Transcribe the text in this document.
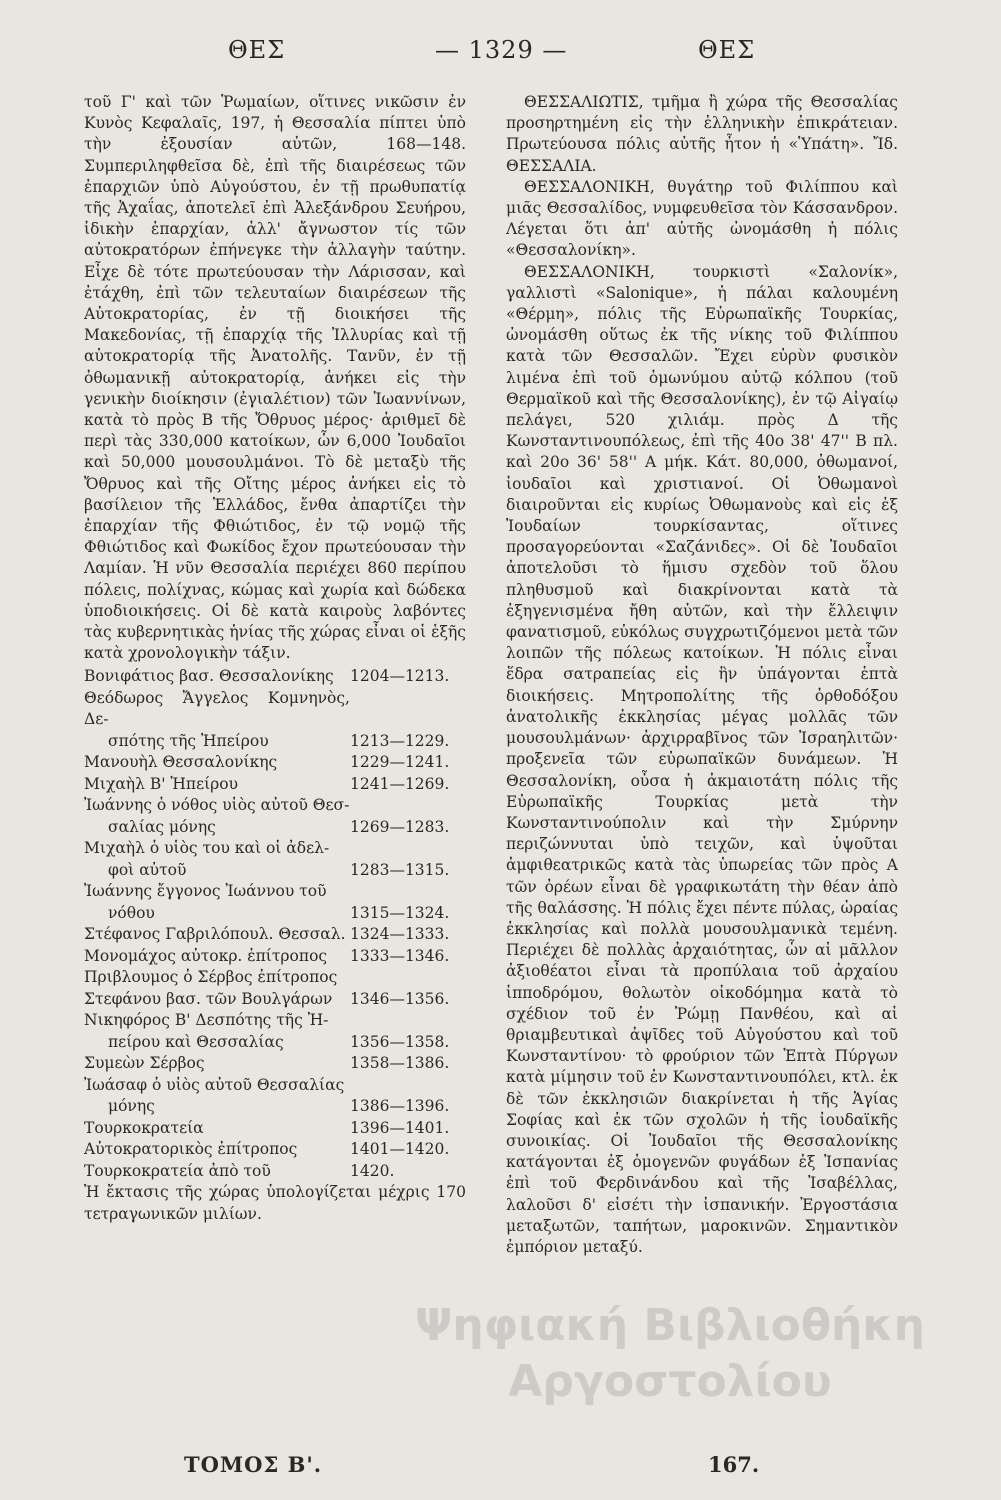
ΘΕΣ	— 1329 —	ΘΕΣ

τοῦ Γ' καὶ τῶν Ῥωμαίων, οἵτινες νικῶσιν ἐν Κυνὸς Κεφαλαῖς, 197, ἡ Θεσσαλία πίπτει ὑπὸ τὴν ἐξουσίαν αὐτῶν, 168—148. Συμπεριληφθεῖσα δὲ, ἐπὶ τῆς διαιρέσεως τῶν ἐπαρχιῶν ὑπὸ Αὐγούστου, ἐν τῇ πρωθυπατίᾳ τῆς Ἀχαΐας, ἀποτελεῖ ἐπὶ Ἀλεξάνδρου Σευήρου, ἰδικὴν ἐπαρχίαν, ἀλλ' ἄγνωστον τίς τῶν αὐτοκρατόρων ἐπήνεγκε τὴν ἀλλαγὴν ταύτην. Εἶχε δὲ τότε πρωτεύουσαν τὴν Λάρισσαν, καὶ ἐτάχθη, ἐπὶ τῶν τελευταίων διαιρέσεων τῆς Αὐτοκρατορίας, ἐν τῇ διοικήσει τῆς Μακεδονίας, τῇ ἐπαρχίᾳ τῆς Ἰλλυρίας καὶ τῇ αὐτοκρατορίᾳ τῆς Ἀνατολῆς. Τανῦν, ἐν τῇ ὀθωμανικῇ αὐτοκρατορίᾳ, ἀνήκει εἰς τὴν γενικὴν διοίκησιν (ἐγιαλέτιον) τῶν Ἰωαννίνων, κατὰ τὸ πρὸς Β τῆς Ὄθρυος μέρος· ἀριθμεῖ δὲ περὶ τὰς 330,000 κατοίκων, ὧν 6,000 Ἰουδαῖοι καὶ 50,000 μουσουλμάνοι. Τὸ δὲ μεταξὺ τῆς Ὄθρυος καὶ τῆς Οἴτης μέρος ἀνήκει εἰς τὸ βασίλειον τῆς Ἑλλάδος, ἔνθα ἀπαρτίζει τὴν ἐπαρχίαν τῆς Φθιώτιδος, ἐν τῷ νομῷ τῆς Φθιώτιδος καὶ Φωκίδος ἔχον πρωτεύουσαν τὴν Λαμίαν. Ἡ νῦν Θεσσαλία περιέχει 860 περίπου πόλεις, πολίχνας, κώμας καὶ χωρία καὶ δώδεκα ὑποδιοικήσεις. Οἱ δὲ κατὰ καιροὺς λαβόντες τὰς κυβερνητικὰς ἡνίας τῆς χώρας εἶναι οἱ ἑξῆς κατὰ χρονολογικὴν τάξιν.

Βονιφάτιος βασ. Θεσσαλονίκης	1204—1213.
Θεόδωρος Ἄγγελος Κομνηνὸς, Δε-
σπότης τῆς Ἠπείρου	1213—1229.
Μανουὴλ Θεσσαλονίκης	1229—1241.
Μιχαὴλ Β' Ἠπείρου	1241—1269.
Ἰωάννης ὁ νόθος υἱὸς αὐτοῦ Θεσ-
σαλίας μόνης	1269—1283.
Μιχαὴλ ὁ υἱὸς του καὶ οἱ ἀδελ-
φοὶ αὐτοῦ	1283—1315.
Ἰωάννης ἔγγονος Ἰωάννου τοῦ
νόθου	1315—1324.
Στέφανος Γαβριλόπουλ. Θεσσαλ. 1324—1333.
Μονομάχος αὐτοκρ. ἐπίτροπος	1333—1346.
Πριβλουμος ὁ Σέρβος ἐπίτροπος
Στεφάνου βασ. τῶν Βουλγάρων	1346—1356.
Νικηφόρος Β' Δεσπότης τῆς Ἠ-
πείρου καὶ Θεσσαλίας	1356—1358.
Συμεὼν Σέρβος	1358—1386.
Ἰωάσαφ ὁ υἱὸς αὐτοῦ Θεσσαλίας
μόνης	1386—1396.
Τουρκοκρατεία	1396—1401.
Αὐτοκρατορικὸς ἐπίτροπος	1401—1420.
Τουρκοκρατεία ἀπὸ τοῦ	1420.

Ἡ ἔκτασις τῆς χώρας ὑπολογίζεται μέχρις 170 τετραγωνικῶν μιλίων.

ΘΕΣΣΑΛΙΩΤΙΣ, τμῆμα ἢ χώρα τῆς Θεσσαλίας προσηρτημένη εἰς τὴν ἑλληνικὴν ἐπικράτειαν. Πρωτεύουσα πόλις αὐτῆς ἦτον ἡ «Ὑπάτη». Ἴδ. ΘΕΣΣΑΛΙΑ.

ΘΕΣΣΑΛΟΝΙΚΗ, θυγάτηρ τοῦ Φιλίππου καὶ μιᾶς Θεσσαλίδος, νυμφευθεῖσα τὸν Κάσσανδρον. Λέγεται ὅτι ἀπ' αὐτῆς ὠνομάσθη ἡ πόλις «Θεσσαλονίκη».

ΘΕΣΣΑΛΟΝΙΚΗ, τουρκιστὶ «Σαλονίκ», γαλλιστὶ «Salonique», ἡ πάλαι καλουμένη «Θέρμη», πόλις τῆς Εὐρωπαϊκῆς Τουρκίας, ὠνομάσθη οὕτως ἐκ τῆς νίκης τοῦ Φιλίππου κατὰ τῶν Θεσσαλῶν. Ἔχει εὐρὺν φυσικὸν λιμένα ἐπὶ τοῦ ὁμωνύμου αὐτῷ κόλπου (τοῦ Θερμαϊκοῦ καὶ τῆς Θεσσαλονίκης), ἐν τῷ Αἰγαίῳ πελάγει, 520 χιλιάμ. πρὸς Δ τῆς Κωνσταντινουπόλεως, ἐπὶ τῆς 40ο 38' 47'' Β πλ. καὶ 20ο 36' 58'' Α μήκ. Κάτ. 80,000, ὀθωμανοί, ἰουδαῖοι καὶ χριστιανοί. Οἱ Ὀθωμανοὶ διαιροῦνται εἰς κυρίως Ὀθωμανοὺς καὶ εἰς ἐξ Ἰουδαίων τουρκίσαντας, οἵτινες προσαγορεύονται «Σαζάνιδες». Οἱ δὲ Ἰουδαῖοι ἀποτελοῦσι τὸ ἥμισυ σχεδὸν τοῦ ὅλου πληθυσμοῦ καὶ διακρίνονται κατὰ τὰ ἐξηγενισμένα ἤθη αὐτῶν, καὶ τὴν ἔλλειψιν φανατισμοῦ, εὐκόλως συγχρωτιζόμενοι μετὰ τῶν λοιπῶν τῆς πόλεως κατοίκων. Ἡ πόλις εἶναι ἕδρα σατραπείας εἰς ἣν ὑπάγονται ἑπτὰ διοικήσεις. Μητροπολίτης τῆς ὀρθοδόξου ἀνατολικῆς ἐκκλησίας μέγας μολλᾶς τῶν μουσουλμάνων· ἀρχιρραβῖνος τῶν Ἰσραηλιτῶν· προξενεῖα τῶν εὐρωπαϊκῶν δυνάμεων. Ἡ Θεσσαλονίκη, οὖσα ἡ ἀκμαιοτάτη πόλις τῆς Εὐρωπαϊκῆς Τουρκίας μετὰ τὴν Κωνσταντινούπολιν καὶ τὴν Σμύρνην περιζώννυται ὑπὸ τειχῶν, καὶ ὑψοῦται ἀμφιθεατρικῶς κατὰ τὰς ὑπωρείας τῶν πρὸς Α τῶν ὀρέων εἶναι δὲ γραφικωτάτη τὴν θέαν ἀπὸ τῆς θαλάσσης. Ἡ πόλις ἔχει πέντε πύλας, ὡραίας ἐκκλησίας καὶ πολλὰ μουσουλμανικὰ τεμένη. Περιέχει δὲ πολλὰς ἀρχαιότητας, ὧν αἱ μᾶλλον ἀξιοθέατοι εἶναι τὰ προπύλαια τοῦ ἀρχαίου ἱπποδρόμου, θολωτὸν οἰκοδόμημα κατὰ τὸ σχέδιον τοῦ ἐν Ῥώμῃ Πανθέου, καὶ αἱ θριαμβευτικαὶ ἀψῖδες τοῦ Αὐγούστου καὶ τοῦ Κωνσταντίνου· τὸ φρούριον τῶν Ἑπτὰ Πύργων κατὰ μίμησιν τοῦ ἐν Κωνσταντινουπόλει, κτλ. ἐκ δὲ τῶν ἐκκλησιῶν διακρίνεται ἡ τῆς Ἁγίας Σοφίας καὶ ἐκ τῶν σχολῶν ἡ τῆς ἰουδαϊκῆς συνοικίας. Οἱ Ἰουδαῖοι τῆς Θεσσαλονίκης κατάγονται ἐξ ὁμογενῶν φυγάδων ἐξ Ἱσπανίας ἐπὶ τοῦ Φερδινάνδου καὶ τῆς Ἰσαβέλλας, λαλοῦσι δ' εἰσέτι τὴν ἱσπανικήν. Ἐργοστάσια μεταξωτῶν, ταπήτων, μαροκινῶν. Σημαντικὸν ἐμπόριον μεταξύ.

Ψηφιακή Βιβλιοθήκη Αργοστολίου
ΤΟΜΟΣ Β'.	167.
